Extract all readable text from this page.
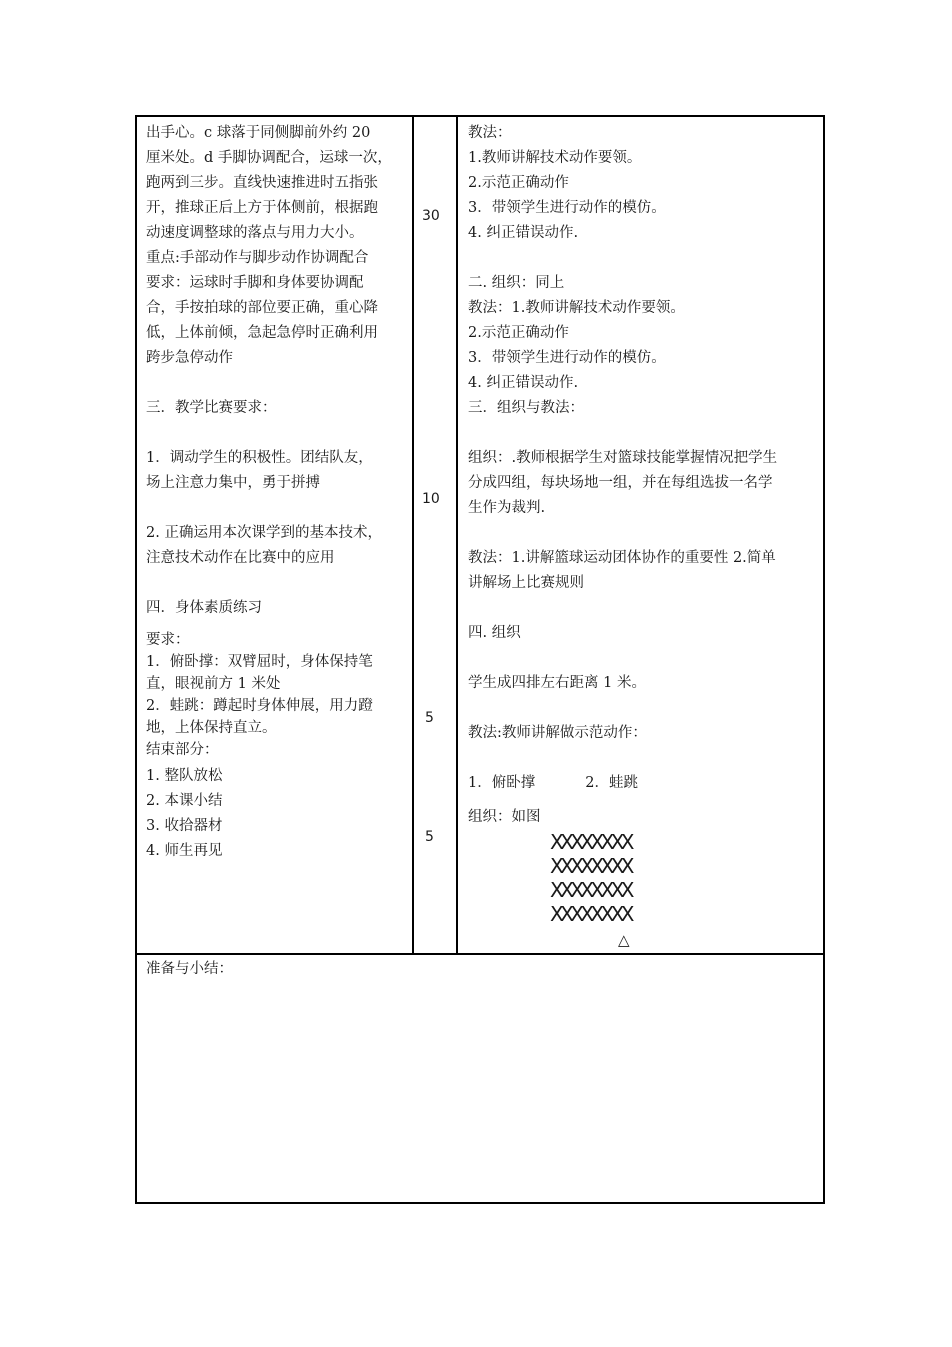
出手心。c 球落于同侧脚前外约 20
厘米处。d 手脚协调配合，运球一次，
跑两到三步。直线快速推进时五指张
开，推球正后上方于体侧前，根据跑
动速度调整球的落点与用力大小。
重点:手部动作与脚步动作协调配合
要求：运球时手脚和身体要协调配
合，手按拍球的部位要正确，重心降
低，上体前倾，急起急停时正确利用
跨步急停动作
三．教学比赛要求：
1．调动学生的积极性。团结队友，
场上注意力集中，勇于拼搏
2. 正确运用本次课学到的基本技术，
注意技术动作在比赛中的应用
四．身体素质练习
要求：
1．俯卧撑：双臂屈时，身体保持笔
直，眼视前方 1 米处
2．蛙跳：蹲起时身体伸展，用力蹬
地，上体保持直立。
结束部分：
1. 整队放松
2. 本课小结
3. 收拾器材
4. 师生再见
30
10
5
5
教法：
1.教师讲解技术动作要领。
2.示范正确动作
3．带领学生进行动作的模仿。
4. 纠正错误动作.
二. 组织：同上
教法：1.教师讲解技术动作要领。
2.示范正确动作
3．带领学生进行动作的模仿。
4. 纠正错误动作.
三．组织与教法：
组织：.教师根据学生对篮球技能掌握情况把学生
分成四组，每块场地一组，并在每组选拔一名学
生作为裁判.
教法：1.讲解篮球运动团体协作的重要性 2.简单
讲解场上比赛规则
四. 组织
学生成四排左右距离 1 米。
教法:教师讲解做示范动作：
1．俯卧撑	2．蛙跳
组织：如图
XXXXXXXX
XXXXXXXX
XXXXXXXX
XXXXXXXX
△
准备与小结：
